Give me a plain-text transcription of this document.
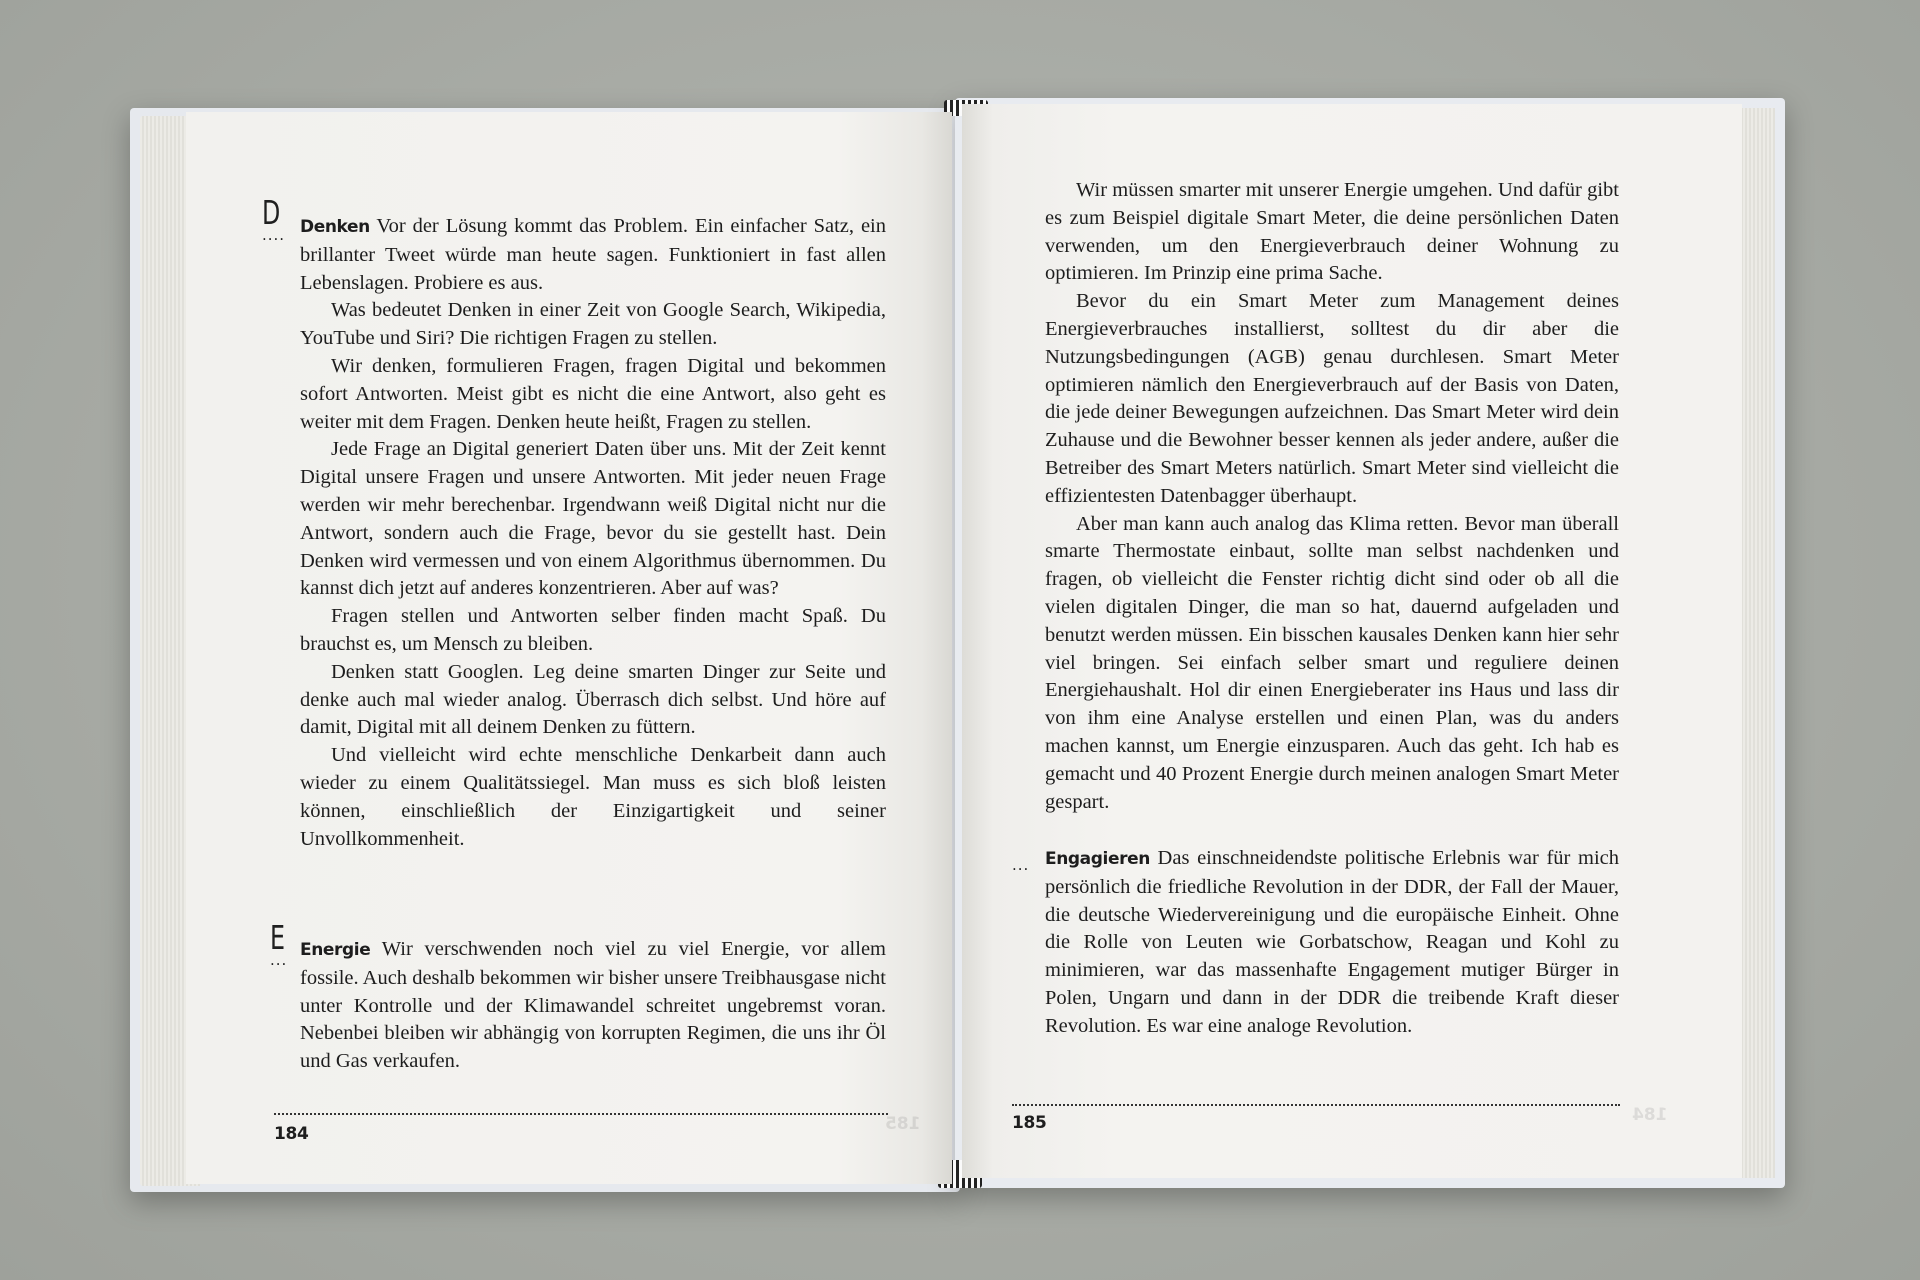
D
.... Denken Vor der Lösung kommt das Problem. Ein einfacher Satz, ein brillanter Tweet würde man heute sagen. Funktioniert in fast allen Lebenslagen. Probiere es aus.

Was bedeutet Denken in einer Zeit von Google Search, Wikipedia, YouTube und Siri? Die richtigen Fragen zu stellen.

Wir denken, formulieren Fragen, fragen Digital und bekommen sofort Antworten. Meist gibt es nicht die eine Antwort, also geht es weiter mit dem Fragen. Denken heute heißt, Fragen zu stellen.

Jede Frage an Digital generiert Daten über uns. Mit der Zeit kennt Digital unsere Fragen und unsere Antworten. Mit jeder neuen Frage werden wir mehr berechenbar. Irgendwann weiß Digital nicht nur die Antwort, sondern auch die Frage, bevor du sie gestellt hast. Dein Denken wird vermessen und von einem Algorithmus übernommen. Du kannst dich jetzt auf anderes konzentrieren. Aber auf was?

Fragen stellen und Antworten selber finden macht Spaß. Du brauchst es, um Mensch zu bleiben.

Denken statt Googlen. Leg deine smarten Dinger zur Seite und denke auch mal wieder analog. Überrasch dich selbst. Und höre auf damit, Digital mit all deinem Denken zu füttern.

Und vielleicht wird echte menschliche Denkarbeit dann auch wieder zu einem Qualitätssiegel. Man muss es sich bloß leisten können, einschließlich der Einzigartigkeit und seiner Unvollkommenheit.

E
... Energie Wir verschwenden noch viel zu viel Energie, vor allem fossile. Auch deshalb bekommen wir bisher unsere Treibhausgase nicht unter Kontrolle und der Klimawandel schreitet ungebremst voran. Nebenbei bleiben wir abhängig von korrupten Regimen, die uns ihr Öl und Gas verkaufen.

184	185

Wir müssen smarter mit unserer Energie umgehen. Und dafür gibt es zum Beispiel digitale Smart Meter, die deine persönlichen Daten verwenden, um den Energieverbrauch deiner Wohnung zu optimieren. Im Prinzip eine prima Sache.

Bevor du ein Smart Meter zum Management deines Energieverbrauches installierst, solltest du dir aber die Nutzungsbedingungen (AGB) genau durchlesen. Smart Meter optimieren nämlich den Energieverbrauch auf der Basis von Daten, die jede deiner Bewegungen aufzeichnen. Das Smart Meter wird dein Zuhause und die Bewohner besser kennen als jeder andere, außer die Betreiber des Smart Meters natürlich. Smart Meter sind vielleicht die effizientesten Datenbagger überhaupt.

Aber man kann auch analog das Klima retten. Bevor man überall smarte Thermostate einbaut, sollte man selbst nachdenken und fragen, ob vielleicht die Fenster richtig dicht sind oder ob all die vielen digitalen Dinger, die man so hat, dauernd aufgeladen und benutzt werden müssen. Ein bisschen kausales Denken kann hier sehr viel bringen. Sei einfach selber smart und reguliere deinen Energiehaushalt. Hol dir einen Energieberater ins Haus und lass dir von ihm eine Analyse erstellen und einen Plan, was du anders machen kannst, um Energie einzusparen. Auch das geht. Ich hab es gemacht und 40 Prozent Energie durch meinen analogen Smart Meter gespart.

... Engagieren Das einschneidendste politische Erlebnis war für mich persönlich die friedliche Revolution in der DDR, der Fall der Mauer, die deutsche Wiedervereinigung und die europäische Einheit. Ohne die Rolle von Leuten wie Gorbatschow, Reagan und Kohl zu minimieren, war das massenhafte Engagement mutiger Bürger in Polen, Ungarn und dann in der DDR die treibende Kraft dieser Revolution. Es war eine analoge Revolution.

185	184
